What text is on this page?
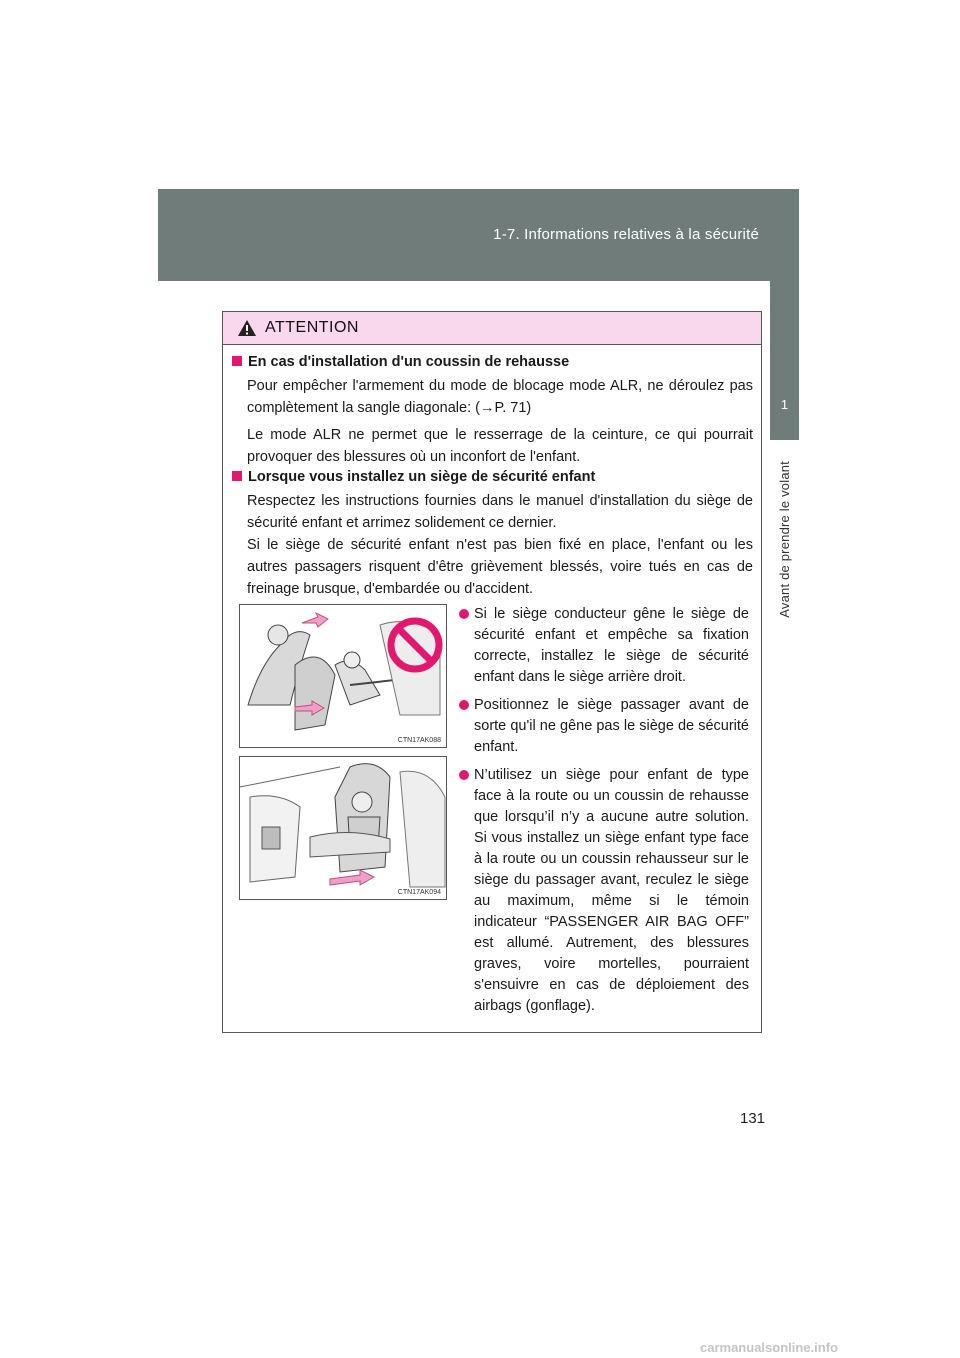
1-7. Informations relatives à la sécurité
1
Avant de prendre le volant
ATTENTION
En cas d'installation d'un coussin de rehausse
Pour empêcher l'armement du mode de blocage mode ALR, ne déroulez pas complètement la sangle diagonale: (→P. 71)
Le mode ALR ne permet que le resserrage de la ceinture, ce qui pourrait provoquer des blessures où un inconfort de l'enfant.
Lorsque vous installez un siège de sécurité enfant
Respectez les instructions fournies dans le manuel d'installation du siège de sécurité enfant et arrimez solidement ce dernier.
Si le siège de sécurité enfant n'est pas bien fixé en place, l'enfant ou les autres passagers risquent d'être grièvement blessés, voire tués en cas de freinage brusque, d'embardée ou d'accident.
CTN17AK088
CTN17AK094
Si le siège conducteur gêne le siège de sécurité enfant et empêche sa fixation correcte, installez le siège de sécurité enfant dans le siège arrière droit.
Positionnez le siège passager avant de sorte qu'il ne gêne pas le siège de sécurité enfant.
N’utilisez un siège pour enfant de type face à la route ou un coussin de rehausse que lorsqu’il n’y a aucune autre solution. Si vous installez un siège enfant type face à la route ou un coussin rehausseur sur le siège du passager avant, reculez le siège au maximum, même si le témoin indicateur “PASSENGER AIR BAG OFF” est allumé. Autrement, des blessures graves, voire mortelles, pourraient s'ensuivre en cas de déploiement des airbags (gonflage).
131
carmanualsonline.info
